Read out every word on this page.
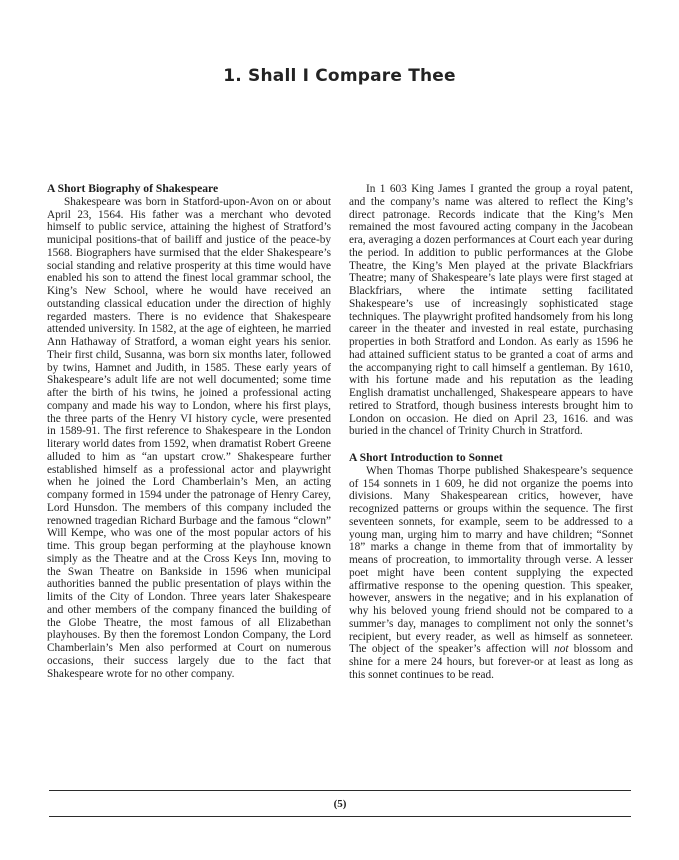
1. Shall I Compare Thee
A Short Biography of Shakespeare

Shakespeare was born in Statford-upon-Avon on or about April 23, 1564. His father was a merchant who devoted himself to public service, attaining the highest of Stratford’s municipal positions-that of bailiff and justice of the peace-by 1568. Biographers have surmised that the elder Shakespeare’s social standing and relative prosperity at this time would have enabled his son to attend the finest local grammar school, the King’s New School, where he would have received an outstanding classical education under the direction of highly regarded masters. There is no evidence that Shakespeare attended university. In 1582, at the age of eighteen, he married Ann Hathaway of Stratford, a woman eight years his senior. Their first child, Susanna, was born six months later, followed by twins, Hamnet and Judith, in 1585. These early years of Shakespeare’s adult life are not well documented; some time after the birth of his twins, he joined a professional acting company and made his way to London, where his first plays, the three parts of the Henry VI history cycle, were presented in 1589-91. The first reference to Shakespeare in the London literary world dates from 1592, when dramatist Robert Greene alluded to him as “an upstart crow.” Shakespeare further established himself as a professional actor and playwright when he joined the Lord Chamberlain’s Men, an acting company formed in 1594 under the patronage of Henry Carey, Lord Hunsdon. The members of this company included the renowned tragedian Richard Burbage and the famous “clown” Will Kempe, who was one of the most popular actors of his time. This group began performing at the playhouse known simply as the Theatre and at the Cross Keys Inn, moving to the Swan Theatre on Bankside in 1596 when municipal authorities banned the public presentation of plays within the limits of the City of London. Three years later Shakespeare and other members of the company financed the building of the Globe Theatre, the most famous of all Elizabethan playhouses. By then the foremost London Company, the Lord Chamberlain’s Men also performed at Court on numerous occasions, their success largely due to the fact that Shakespeare wrote for no other company.

In 1 603 King James I granted the group a royal patent, and the company’s name was altered to reflect the King’s direct patronage. Records indicate that the King’s Men remained the most favoured acting company in the Jacobean era, averaging a dozen performances at Court each year during the period. In addition to public performances at the Globe Theatre, the King’s Men played at the private Blackfriars Theatre; many of Shakespeare’s late plays were first staged at Blackfriars, where the intimate setting facilitated Shakespeare’s use of increasingly sophisticated stage techniques. The playwright profited handsomely from his long career in the theater and invested in real estate, purchasing properties in both Stratford and London. As early as 1596 he had attained sufficient status to be granted a coat of arms and the accompanying right to call himself a gentleman. By 1610, with his fortune made and his reputation as the leading English dramatist unchallenged, Shakespeare appears to have retired to Stratford, though business interests brought him to London on occasion. He died on April 23, 1616. and was buried in the chancel of Trinity Church in Stratford.

A Short Introduction to Sonnet

When Thomas Thorpe published Shakespeare’s sequence of 154 sonnets in 1 609, he did not organize the poems into divisions. Many Shakespearean critics, however, have recognized patterns or groups within the sequence. The first seventeen sonnets, for example, seem to be addressed to a young man, urging him to marry and have children; “Sonnet 18” marks a change in theme from that of immortality by means of procreation, to immortality through verse. A lesser poet might have been content supplying the expected affirmative response to the opening question. This speaker, however, answers in the negative; and in his explanation of why his beloved young friend should not be compared to a summer’s day, manages to compliment not only the sonnet’s recipient, but every reader, as well as himself as sonneteer. The object of the speaker’s affection will not blossom and shine for a mere 24 hours, but forever-or at least as long as this sonnet continues to be read.

(5)
